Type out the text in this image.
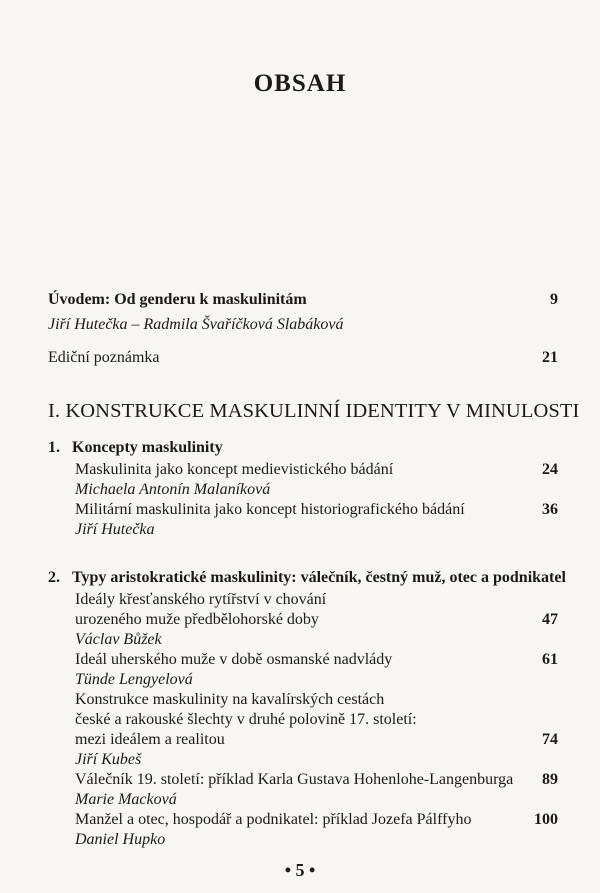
OBSAH
Úvodem: Od genderu k maskulinitám	9
Jiří Hutečka – Radmila Švaříčková Slabáková
Ediční poznámka	21
I. KONSTRUKCE MASKULINNÍ IDENTITY V MINULOSTI
1. Koncepty maskulinity
Maskulinita jako koncept medievistického bádání	24
Michaela Antonín Malaníková
Militární maskulinita jako koncept historiografického bádání	36
Jiří Hutečka
2. Typy aristokratické maskulinity: válečník, čestný muž, otec a podnikatel
Ideály křesťanského rytířství v chování
urozeného muže předbělohorské doby	47
Václav Bůžek
Ideál uherského muže v době osmanské nadvlády	61
Tünde Lengyelová
Konstrukce maskulinity na kavalírských cestách
české a rakouské šlechty v druhé polovině 17. století:
mezi ideálem a realitou	74
Jiří Kubeš
Válečník 19. století: příklad Karla Gustava Hohenlohe-Langenburga	89
Marie Macková
Manžel a otec, hospodář a podnikatel: příklad Jozefa Pálffyho	100
Daniel Hupko
• 5 •
